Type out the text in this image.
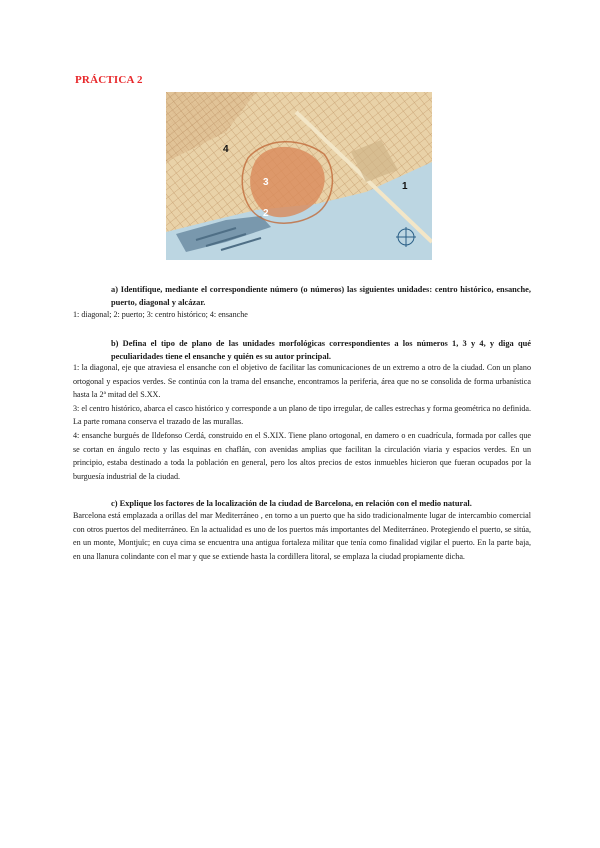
PRÁCTICA 2
4
3
2
1
a) Identifique, mediante el correspondiente número (o números) las siguientes unidades: centro histórico, ensanche, puerto, diagonal y alcázar.
1: diagonal; 2: puerto; 3: centro histórico; 4: ensanche
b) Defina el tipo de plano de las unidades morfológicas correspondientes a los números 1, 3 y 4, y diga qué peculiaridades tiene el ensanche y quién es su autor principal.

1: la diagonal, eje que atraviesa el ensanche con el objetivo de facilitar las comunicaciones de un extremo a otro de la ciudad. Con un plano ortogonal y espacios verdes. Se continúa con la trama del ensanche, encontramos la periferia, área que no se consolida de forma urbanística hasta la 2ª mitad del S.XX.

3: el centro histórico, abarca el casco histórico y corresponde a un plano de tipo irregular, de calles estrechas y forma geométrica no definida. La parte romana conserva el trazado de las murallas.

4: ensanche burgués de Ildefonso Cerdá, construido en el S.XIX. Tiene plano ortogonal, en damero o en cuadrícula, formada por calles que se cortan en ángulo recto y las esquinas en chaflán, con avenidas amplias que facilitan la circulación viaria y espacios verdes. En un principio, estaba destinado a toda la población en general, pero los altos precios de estos inmuebles hicieron que fueran ocupados por la burguesía industrial de la ciudad.

c) Explique los factores de la localización de la ciudad de Barcelona, en relación con el medio natural.
Barcelona está emplazada a orillas del mar Mediterráneo , en torno a un puerto que ha sido tradicionalmente lugar de intercambio comercial con otros puertos del mediterráneo. En la actualidad es uno de los puertos más importantes del Mediterráneo. Protegiendo el puerto, se sitúa, en un monte, Montjuïc; en cuya cima se encuentra una antigua fortaleza militar que tenía como finalidad vigilar el puerto. En la parte baja, en una llanura colindante con el mar y que se extiende hasta la cordillera litoral, se emplaza la ciudad propiamente dicha.
